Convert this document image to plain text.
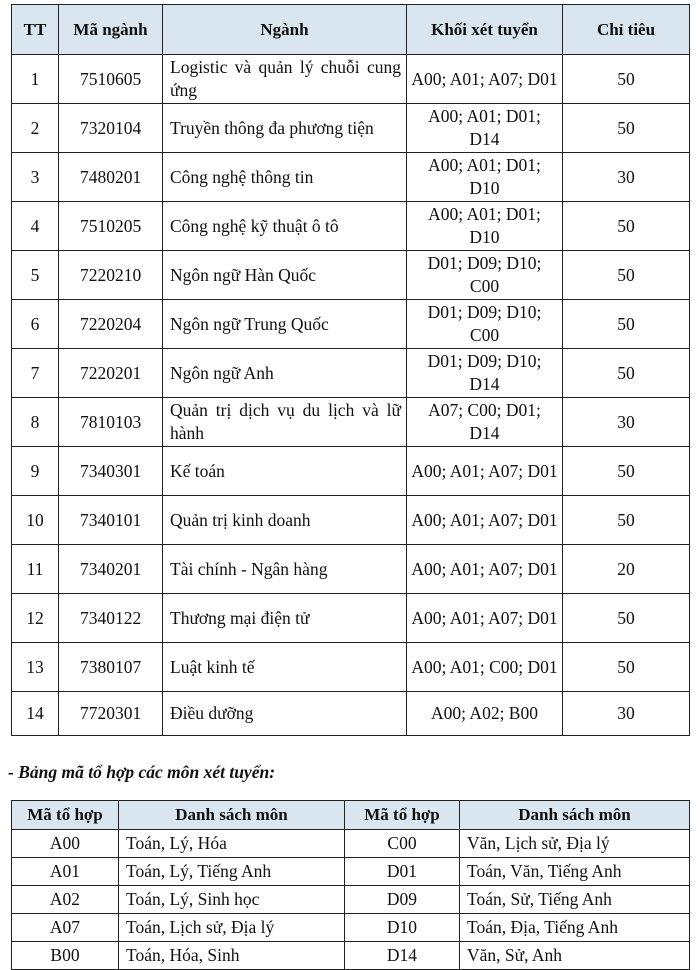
TT	Mã ngành	Ngành	Khối xét tuyển	Chỉ tiêu
1	7510605	Logistic và quản lý chuỗi cung ứng	A00; A01; A07; D01	50
2	7320104	Truyền thông đa phương tiện	A00; A01; D01; D14	50
3	7480201	Công nghệ thông tin	A00; A01; D01; D10	30
4	7510205	Công nghệ kỹ thuật ô tô	A00; A01; D01; D10	50
5	7220210	Ngôn ngữ Hàn Quốc	D01; D09; D10; C00	50
6	7220204	Ngôn ngữ Trung Quốc	D01; D09; D10; C00	50
7	7220201	Ngôn ngữ Anh	D01; D09; D10; D14	50
8	7810103	Quản trị dịch vụ du lịch và lữ hành	A07; C00; D01; D14	30
9	7340301	Kế toán	A00; A01; A07; D01	50
10	7340101	Quản trị kinh doanh	A00; A01; A07; D01	50
11	7340201	Tài chính - Ngân hàng	A00; A01; A07; D01	20
12	7340122	Thương mại điện tử	A00; A01; A07; D01	50
13	7380107	Luật kinh tế	A00; A01; C00; D01	50
14	7720301	Điều dưỡng	A00; A02; B00	30
- Bảng mã tổ hợp các môn xét tuyển:
Mã tổ hợp	Danh sách môn	Mã tổ hợp	Danh sách môn
A00	Toán, Lý, Hóa	C00	Văn, Lịch sử, Địa lý
A01	Toán, Lý, Tiếng Anh	D01	Toán, Văn, Tiếng Anh
A02	Toán, Lý, Sinh học	D09	Toán, Sử, Tiếng Anh
A07	Toán, Lịch sử, Địa lý	D10	Toán, Địa, Tiếng Anh
B00	Toán, Hóa, Sinh	D14	Văn, Sử, Anh
